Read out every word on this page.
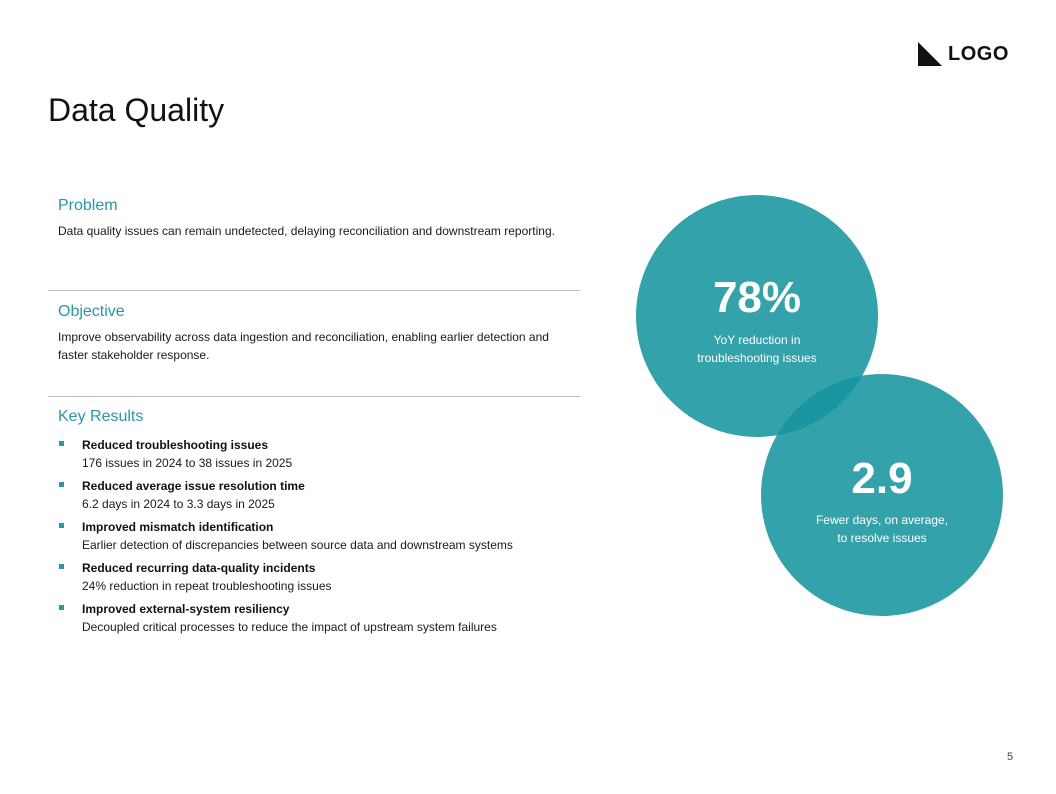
LOGO
Data Quality
Problem

Data quality issues can remain undetected, delaying reconciliation and downstream reporting.

Objective

Improve observability across data ingestion and reconciliation, enabling earlier detection and faster stakeholder response.

Key Results
Reduced troubleshooting issues
176 issues in 2024 to 38 issues in 2025
Reduced average issue resolution time
6.2 days in 2024 to 3.3 days in 2025
Improved mismatch identification
Earlier detection of discrepancies between source data and downstream systems
Reduced recurring data-quality incidents
24% reduction in repeat troubleshooting issues
Improved external-system resiliency
Decoupled critical processes to reduce the impact of upstream system failures
78%
YoY reduction in
troubleshooting issues
2.9
Fewer days, on average,
to resolve issues
5
